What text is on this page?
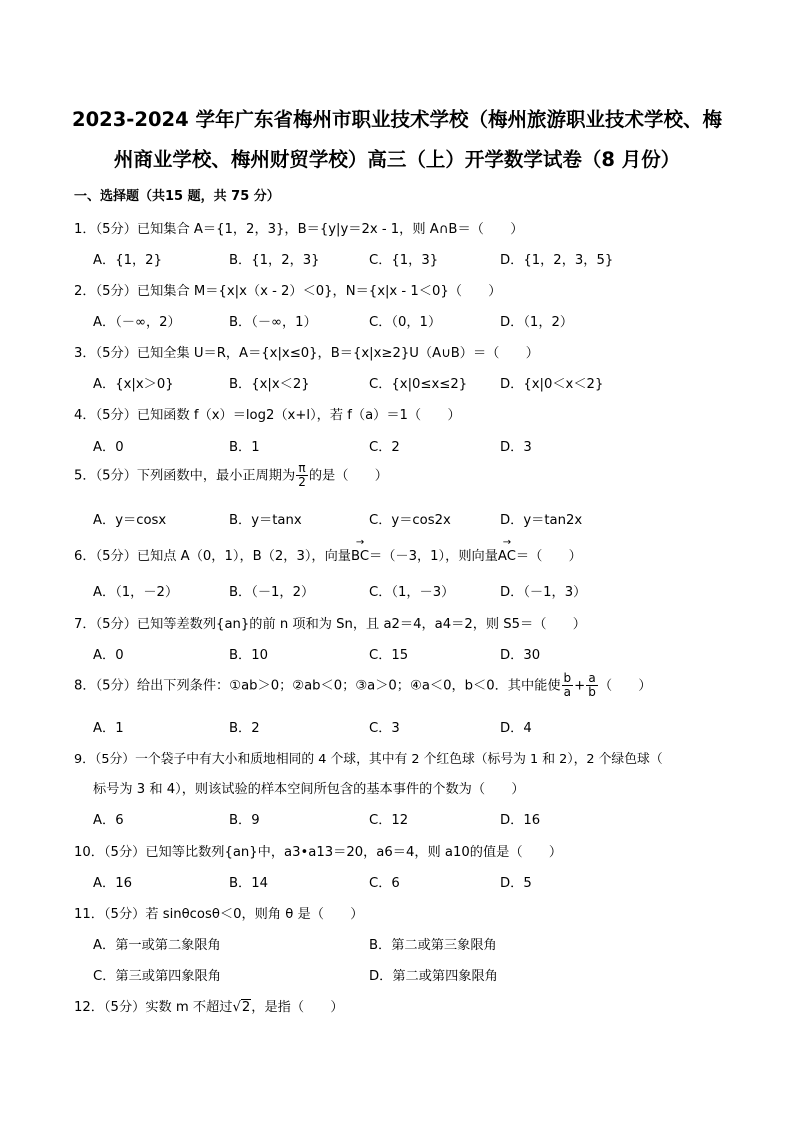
2023-2024 学年广东省梅州市职业技术学校（梅州旅游职业技术学校、梅
州商业学校、梅州财贸学校）高三（上）开学数学试卷（8 月份）
一、选择题（共15 题，共 75 分）
1．（5分）已知集合 A＝{1，2，3}，B＝{y|y＝2x - 1，则 A∩B＝（　　）
A．{1，2}	B．{1，2，3}	C．{1，3}	D．{1，2，3，5}
2．（5分）已知集合 M＝{x|x（x - 2）＜0}，N＝{x|x - 1＜0}（　　）
A．（－∞，2）	B．（－∞，1）	C．（0，1）	D．（1，2）
3．（5分）已知全集 U＝R，A＝{x|x≤0}，B＝{x|x≥2}U（A∪B）＝（　　）
A．{x|x＞0}	B．{x|x＜2}	C．{x|0≤x≤2} D．{x|0＜x＜2}
4．（5分）已知函数 f（x）＝log2（x+l），若 f（a）＝1（　　）
A．0	B．1	C．2	D．3
5．（5分）下列函数中，最小正周期为 $\frac{\pi}{2}$ 的是（　　）
A．y＝cosx	B．y＝tanx	C．y＝cos2x	D．y＝tan2x
6．（5分）已知点 A（0，1），B（2，3），向量→ BC＝（－3，1），则向量→ AC＝（　　）
A．（1，－2）	B．（－1，2）	C．（1，－3）	D．（－1，3）
7．（5分）已知等差数列{an}的前 n 项和为 Sn，且 a2＝4，a4＝2，则 S5＝（　　）
A．0	B．10	C．15	D．30
8．（5分）给出下列条件：①ab＞0；②ab＜0；③a＞0；④a＜0，b＜0．其中能使 $\frac{b}{a} + \frac{a}{b}$ （　　）
A．1	B．2	C．3	D．4
9．（5分）一个袋子中有大小和质地相同的 4 个球，其中有 2 个红色球（标号为 1 和 2），2 个绿色球（
标号为 3 和 4），则该试验的样本空间所包含的基本事件的个数为（　　）
A．6	B．9	C．12	D．16
10．（5分）已知等比数列{an}中，a3•a13＝20，a6＝4，则 a10的值是（　　）
A．16	B．14	C．6	D．5
11．（5分）若 sinθcosθ＜0，则角 θ 是（　　）
A．第一或第二象限角	B．第二或第三象限角
C．第三或第四象限角	D．第二或第四象限角
12．（5分）实数 m 不超过√2，是指（　　）
